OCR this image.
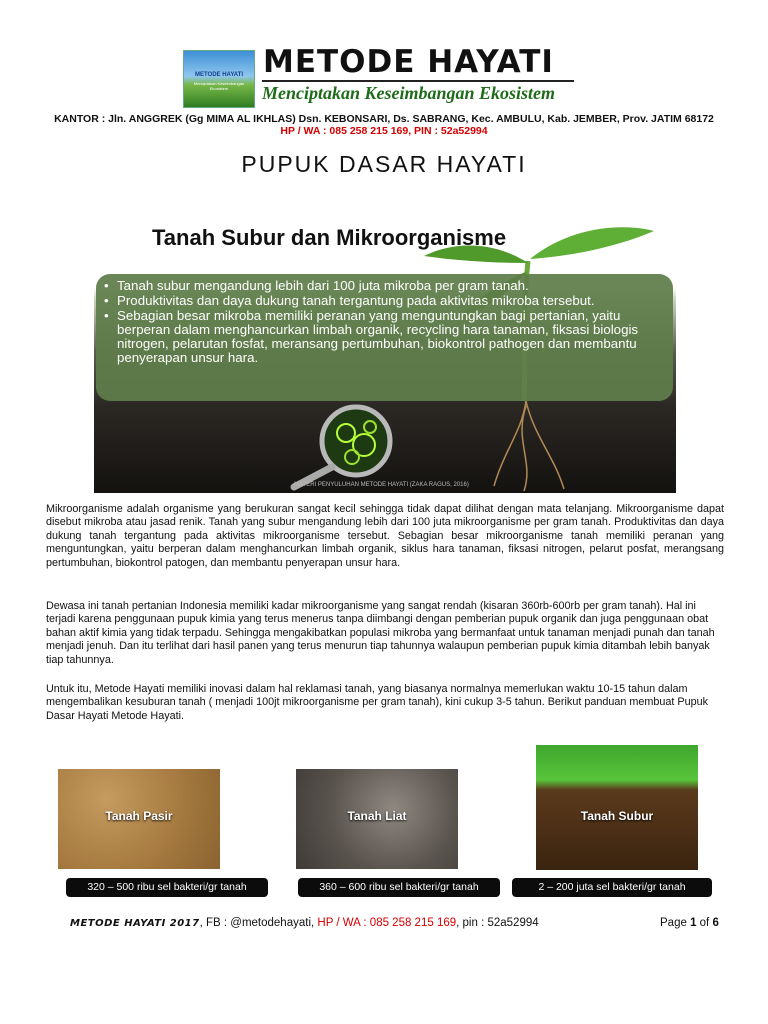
METODE HAYATI
Menciptakan Keseimbangan Ekosistem
METODE HAYATI
Menciptakan Keseimbangan Ekosistem
KANTOR : Jln. ANGGREK (Gg MIMA AL IKHLAS) Dsn. KEBONSARI, Ds. SABRANG, Kec. AMBULU, Kab. JEMBER, Prov. JATIM 68172
HP / WA : 085 258 215 169, PIN : 52a52994
PUPUK DASAR HAYATI
Tanah Subur dan Mikroorganisme
• Tanah subur mengandung lebih dari 100 juta mikroba per gram tanah.
• Produktivitas dan daya dukung tanah tergantung pada aktivitas mikroba tersebut.
• Sebagian besar mikroba memiliki peranan yang menguntungkan bagi pertanian, yaitu berperan dalam menghancurkan limbah organik, recycling hara tanaman, fiksasi biologis nitrogen, pelarutan fosfat, meransang pertumbuhan, biokontrol pathogen dan membantu penyerapan unsur hara.
MATERI PENYULUHAN METODE HAYATI (ZAKA RAGUS, 2016)

Mikroorganisme adalah organisme yang berukuran sangat kecil sehingga tidak dapat dilihat dengan mata telanjang. Mikroorganisme dapat disebut mikroba atau jasad renik. Tanah yang subur mengandung lebih dari 100 juta mikroorganisme per gram tanah. Produktivitas dan daya dukung tanah tergantung pada aktivitas mikroorganisme tersebut. Sebagian besar mikroorganisme tanah memiliki peranan yang menguntungkan, yaitu berperan dalam menghancurkan limbah organik, siklus hara tanaman, fiksasi nitrogen, pelarut posfat, merangsang pertumbuhan, biokontrol patogen, dan membantu penyerapan unsur hara.

Dewasa ini tanah pertanian Indonesia memiliki kadar mikroorganisme yang sangat rendah (kisaran 360rb-600rb per gram tanah). Hal ini terjadi karena penggunaan pupuk kimia yang terus menerus tanpa diimbangi dengan pemberian pupuk organik dan juga penggunaan obat bahan aktif kimia yang tidak terpadu. Sehingga mengakibatkan populasi mikroba yang bermanfaat untuk tanaman menjadi punah dan tanah menjadi jenuh. Dan itu terlihat dari hasil panen yang terus menurun tiap tahunnya walaupun pemberian pupuk kimia ditambah lebih banyak tiap tahunnya.

Untuk itu, Metode Hayati memiliki inovasi dalam hal reklamasi tanah, yang biasanya normalnya memerlukan waktu 10-15 tahun dalam mengembalikan kesuburan tanah ( menjadi 100jt mikroorganisme per gram tanah), kini cukup 3-5 tahun. Berikut panduan membuat Pupuk Dasar Hayati Metode Hayati.

Tanah Pasir	Tanah Liat	Tanah Subur
320 – 500 ribu sel bakteri/gr tanah	360 – 600 ribu sel bakteri/gr tanah	2 – 200 juta sel bakteri/gr tanah
METODE HAYATI 2017, FB : @metodehayati, HP / WA : 085 258 215 169, pin : 52a52994	Page 1 of 6
